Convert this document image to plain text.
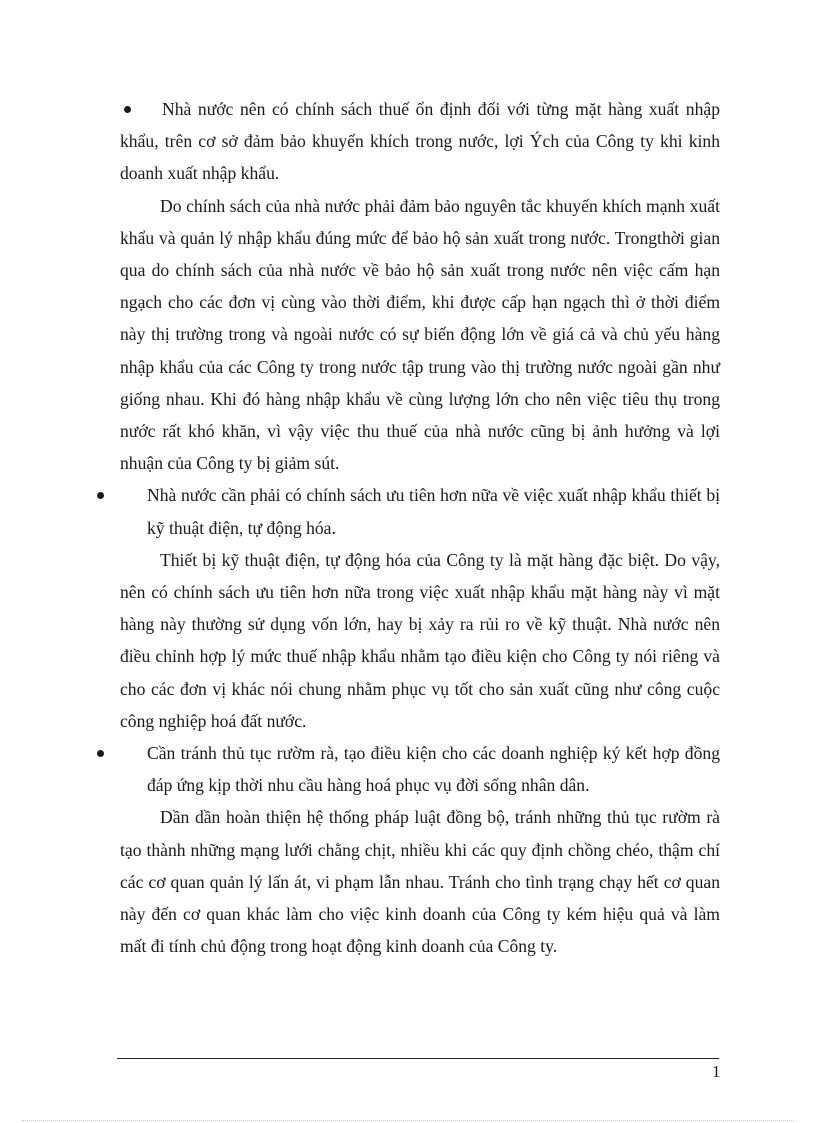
Nhà nước nên có chính sách thuế ổn định đối với từng mặt hàng xuất nhập khẩu, trên cơ sở đảm bảo khuyến khích trong nước, lợi Ých của Công ty khi kinh doanh xuất nhập khẩu.

Do chính sách của nhà nước phải đảm bảo nguyên tắc khuyến khích mạnh xuất khẩu và quản lý nhập khẩu đúng mức để bảo hộ sản xuất trong nước. Trongthời gian qua do chính sách của nhà nước về bảo hộ sản xuất trong nước nên việc cấm hạn ngạch cho các đơn vị cùng vào thời điểm, khi được cấp hạn ngạch thì ở thời điểm này thị trường trong và ngoài nước có sự biến động lớn về giá cả và chủ yếu hàng nhập khẩu của các Công ty trong nước tập trung vào thị trường nước ngoài gần như giống nhau. Khi đó hàng nhập khẩu về cùng lượng lớn cho nên việc tiêu thụ trong nước rất khó khăn, vì vậy việc thu thuế của nhà nước cũng bị ảnh hưởng và lợi nhuận của Công ty bị giảm sút.

Nhà nước cần phải có chính sách ưu tiên hơn nữa về việc xuất nhập khẩu thiết bị kỹ thuật điện, tự động hóa.

Thiết bị kỹ thuật điện, tự động hóa của Công ty là mặt hàng đặc biệt. Do vậy, nên có chính sách ưu tiên hơn nữa trong việc xuất nhập khẩu mặt hàng này vì mặt hàng này thường sử dụng vốn lớn, hay bị xảy ra rủi ro về kỹ thuật. Nhà nước nên điều chỉnh hợp lý mức thuế nhập khẩu nhằm tạo điều kiện cho Công ty nói riêng và cho các đơn vị khác nói chung nhằm phục vụ tốt cho sản xuất cũng như công cuộc công nghiệp hoá đất nước.

Cần tránh thủ tục rườm rà, tạo điều kiện cho các doanh nghiệp ký kết hợp đồng đáp ứng kịp thời nhu cầu hàng hoá phục vụ đời sống nhân dân.

Dần dần hoàn thiện hệ thống pháp luật đồng bộ, tránh những thủ tục rườm rà tạo thành những mạng lưới chằng chịt, nhiều khi các quy định chồng chéo, thậm chí các cơ quan quản lý lấn át, vi phạm lẫn nhau. Tránh cho tình trạng chạy hết cơ quan này đến cơ quan khác làm cho việc kinh doanh của Công ty kém hiệu quả và làm mất đi tính chủ động trong hoạt động kinh doanh của Công ty.

1
